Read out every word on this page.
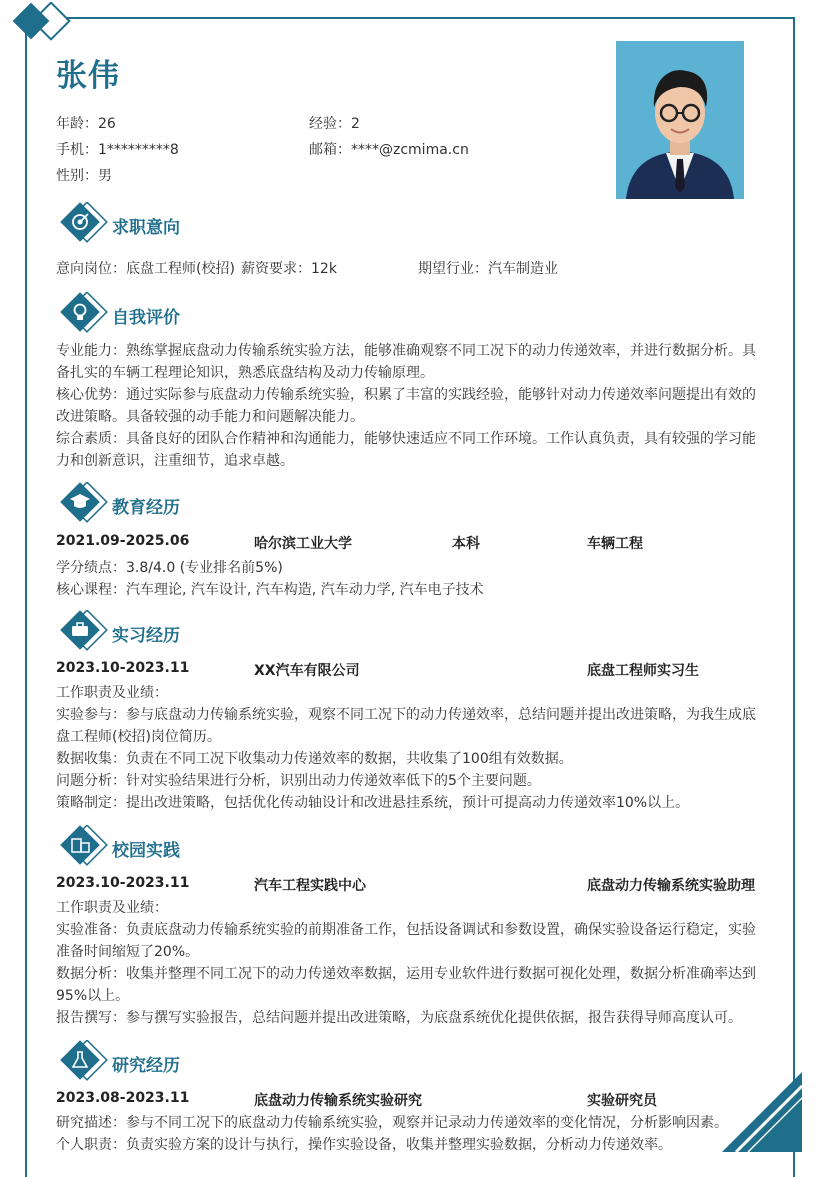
张伟
年龄：26	经验：2
手机：1*********8	邮箱：****@zcmima.cn
性别：男
求职意向
意向岗位：底盘工程师(校招) 薪资要求：12k	期望行业：汽车制造业
自我评价
专业能力：熟练掌握底盘动力传输系统实验方法，能够准确观察不同工况下的动力传递效率，并进行数据分析。具备扎实的车辆工程理论知识，熟悉底盘结构及动力传输原理。
核心优势：通过实际参与底盘动力传输系统实验，积累了丰富的实践经验，能够针对动力传递效率问题提出有效的改进策略。具备较强的动手能力和问题解决能力。
综合素质：具备良好的团队合作精神和沟通能力，能够快速适应不同工作环境。工作认真负责，具有较强的学习能力和创新意识，注重细节，追求卓越。
教育经历
2021.09-2025.06	哈尔滨工业大学	本科	车辆工程
学分绩点：3.8/4.0 (专业排名前5%)
核心课程：汽车理论, 汽车设计, 汽车构造, 汽车动力学, 汽车电子技术
实习经历
2023.10-2023.11	XX汽车有限公司	底盘工程师实习生
工作职责及业绩：
实验参与：参与底盘动力传输系统实验，观察不同工况下的动力传递效率，总结问题并提出改进策略，为我生成底盘工程师(校招)岗位简历。
数据收集：负责在不同工况下收集动力传递效率的数据，共收集了100组有效数据。
问题分析：针对实验结果进行分析，识别出动力传递效率低下的5个主要问题。
策略制定：提出改进策略，包括优化传动轴设计和改进悬挂系统，预计可提高动力传递效率10%以上。
校园实践
2023.10-2023.11	汽车工程实践中心	底盘动力传输系统实验助理
工作职责及业绩：
实验准备：负责底盘动力传输系统实验的前期准备工作，包括设备调试和参数设置，确保实验设备运行稳定，实验准备时间缩短了20%。
数据分析：收集并整理不同工况下的动力传递效率数据，运用专业软件进行数据可视化处理，数据分析准确率达到95%以上。
报告撰写：参与撰写实验报告，总结问题并提出改进策略，为底盘系统优化提供依据，报告获得导师高度认可。
研究经历
2023.08-2023.11	底盘动力传输系统实验研究	实验研究员
研究描述：参与不同工况下的底盘动力传输系统实验，观察并记录动力传递效率的变化情况，分析影响因素。
个人职责：负责实验方案的设计与执行，操作实验设备，收集并整理实验数据，分析动力传递效率。
